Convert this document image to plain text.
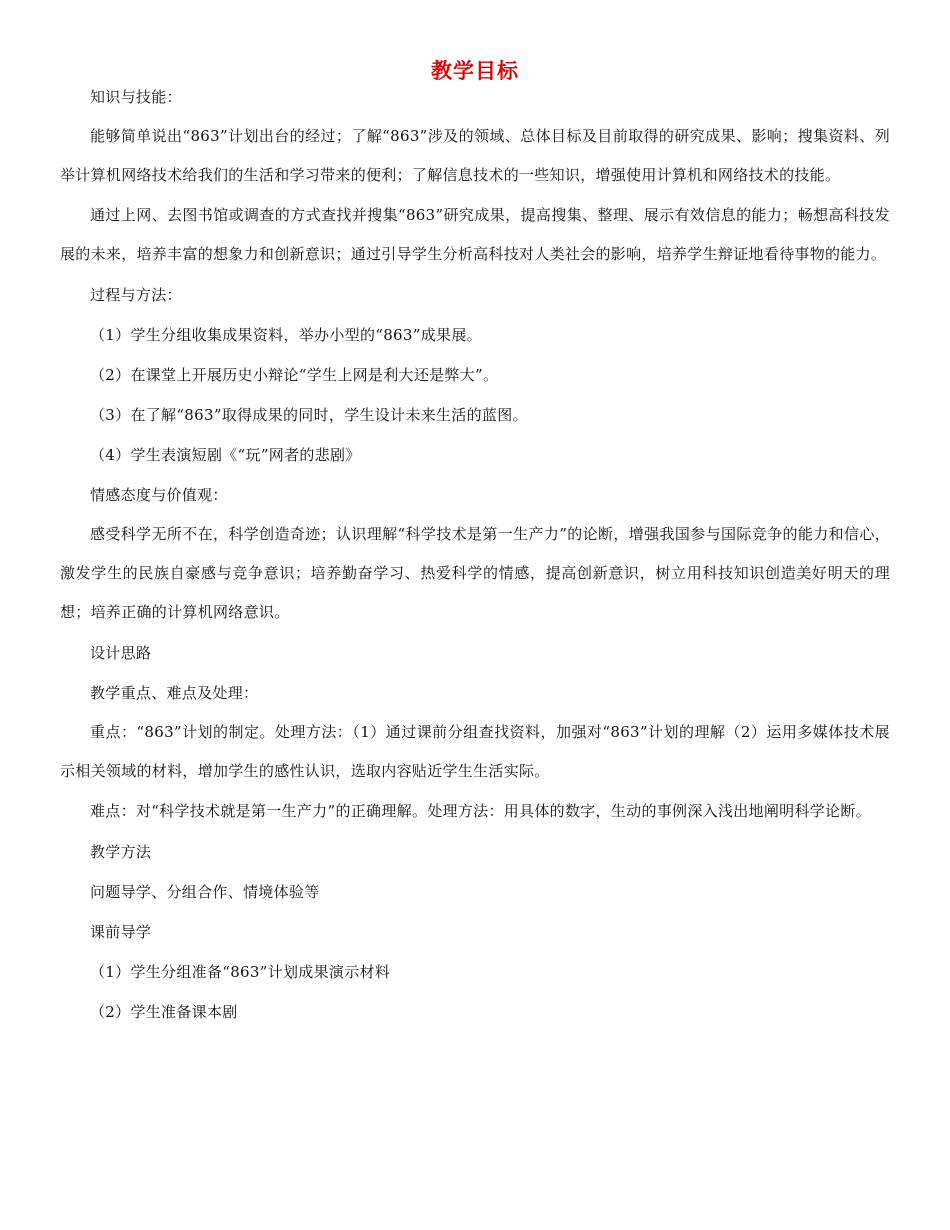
教学目标
知识与技能：
能够简单说出“863”计划出台的经过；了解“863”涉及的领域、总体目标及目前取得的研究成果、影响；搜集资料、列举计算机网络技术给我们的生活和学习带来的便利；了解信息技术的一些知识，增强使用计算机和网络技术的技能。
通过上网、去图书馆或调查的方式查找并搜集“863”研究成果，提高搜集、整理、展示有效信息的能力；畅想高科技发展的未来，培养丰富的想象力和创新意识；通过引导学生分析高科技对人类社会的影响，培养学生辩证地看待事物的能力。
过程与方法：
（1）学生分组收集成果资料，举办小型的“863”成果展。
（2）在课堂上开展历史小辩论“学生上网是利大还是弊大”。
（3）在了解“863”取得成果的同时，学生设计未来生活的蓝图。
（4）学生表演短剧《“玩”网者的悲剧》
情感态度与价值观：
感受科学无所不在，科学创造奇迹；认识理解“科学技术是第一生产力”的论断，增强我国参与国际竞争的能力和信心，激发学生的民族自豪感与竞争意识；培养勤奋学习、热爱科学的情感，提高创新意识，树立用科技知识创造美好明天的理想；培养正确的计算机网络意识。
设计思路
教学重点、难点及处理：
重点：“863”计划的制定。处理方法：（1）通过课前分组查找资料，加强对“863”计划的理解（2）运用多媒体技术展示相关领域的材料，增加学生的感性认识，选取内容贴近学生生活实际。
难点：对“科学技术就是第一生产力”的正确理解。处理方法：用具体的数字，生动的事例深入浅出地阐明科学论断。
教学方法
问题导学、分组合作、情境体验等
课前导学
（1）学生分组准备“863”计划成果演示材料
（2）学生准备课本剧
